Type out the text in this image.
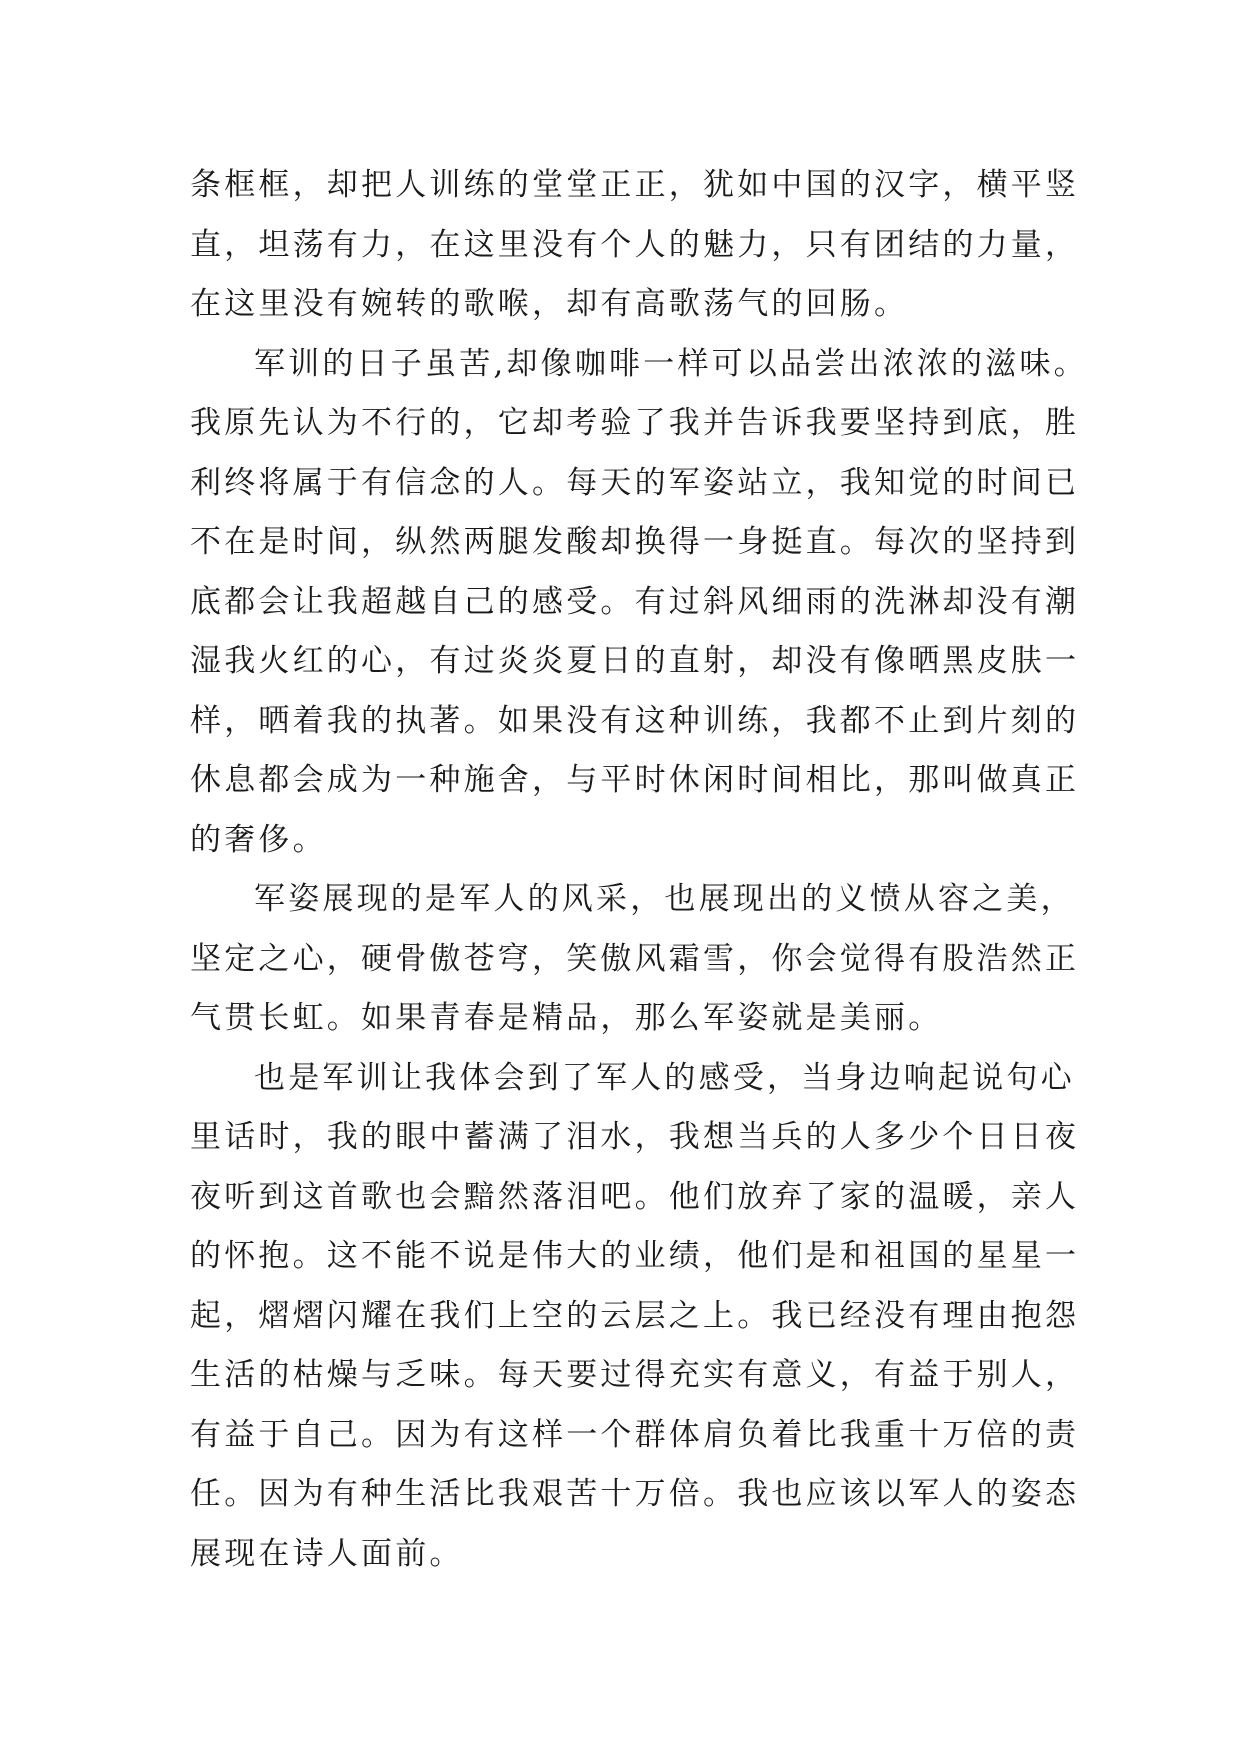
条框框，却把人训练的堂堂正正，犹如中国的汉字，横平竖
直，坦荡有力，在这里没有个人的魅力，只有团结的力量，
在这里没有婉转的歌喉，却有高歌荡气的回肠。
军训的日子虽苦,却像咖啡一样可以品尝出浓浓的滋味。
我原先认为不行的，它却考验了我并告诉我要坚持到底，胜
利终将属于有信念的人。每天的军姿站立，我知觉的时间已
不在是时间，纵然两腿发酸却换得一身挺直。每次的坚持到
底都会让我超越自己的感受。有过斜风细雨的洗淋却没有潮
湿我火红的心，有过炎炎夏日的直射，却没有像晒黑皮肤一
样，晒着我的执著。如果没有这种训练，我都不止到片刻的
休息都会成为一种施舍，与平时休闲时间相比，那叫做真正
的奢侈。
军姿展现的是军人的风采，也展现出的义愤从容之美，
坚定之心，硬骨傲苍穹，笑傲风霜雪，你会觉得有股浩然正
气贯长虹。如果青春是精品，那么军姿就是美丽。
也是军训让我体会到了军人的感受，当身边响起说句心
里话时，我的眼中蓄满了泪水，我想当兵的人多少个日日夜
夜听到这首歌也会黯然落泪吧。他们放弃了家的温暖，亲人
的怀抱。这不能不说是伟大的业绩，他们是和祖国的星星一
起，熠熠闪耀在我们上空的云层之上。我已经没有理由抱怨
生活的枯燥与乏味。每天要过得充实有意义，有益于别人，
有益于自己。因为有这样一个群体肩负着比我重十万倍的责
任。因为有种生活比我艰苦十万倍。我也应该以军人的姿态
展现在诗人面前。
